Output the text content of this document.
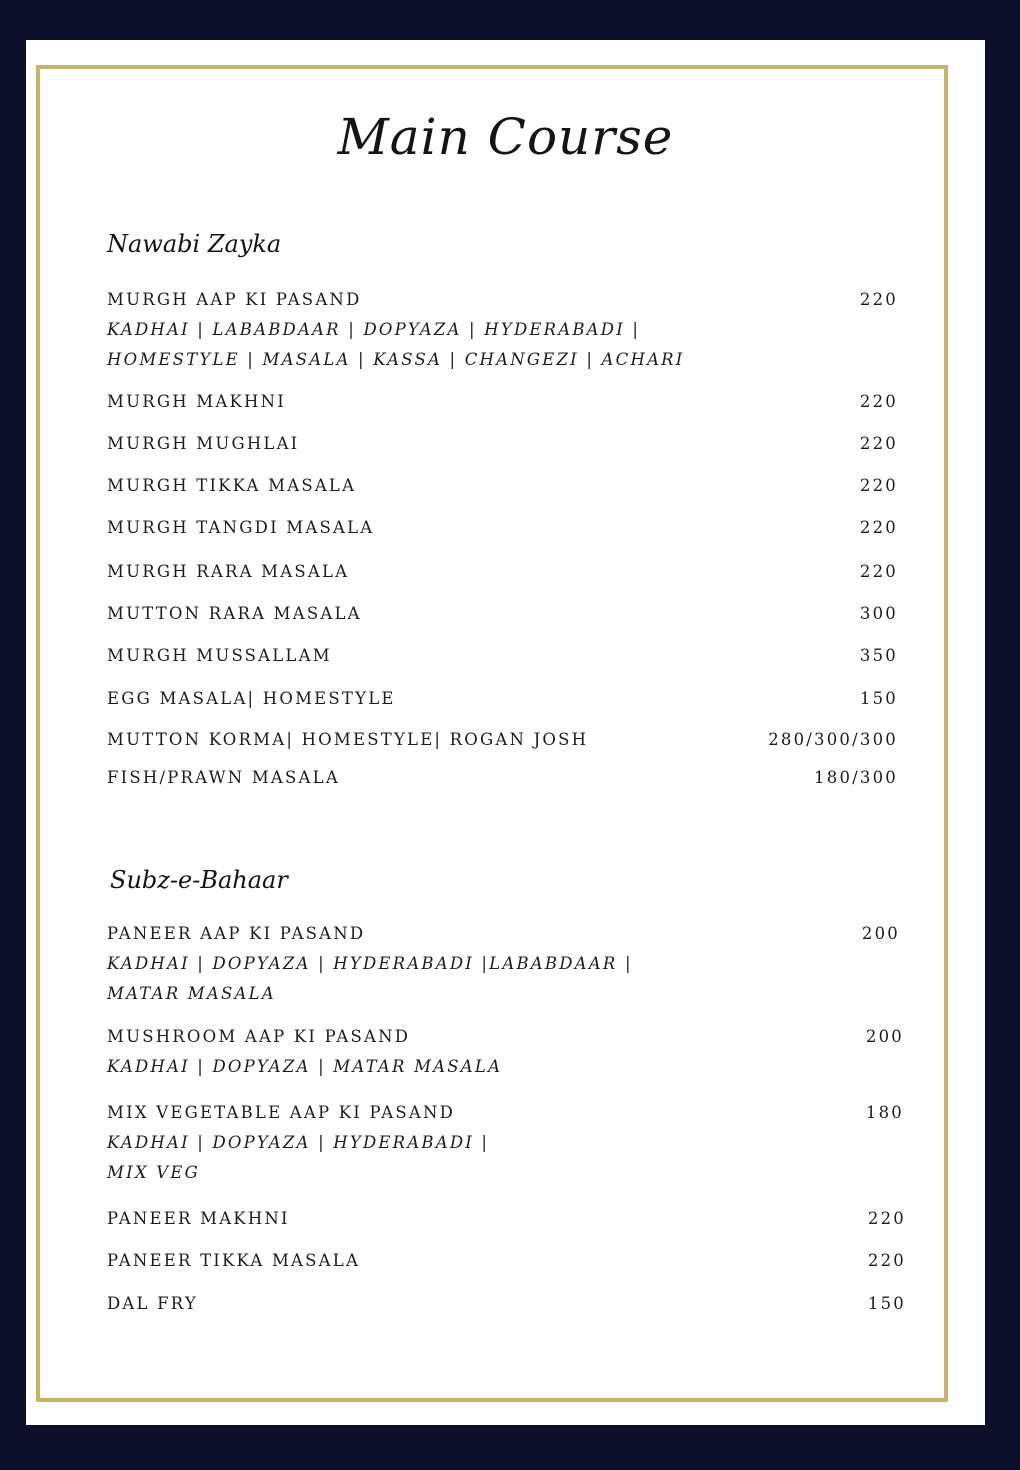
Main Course
MURGH AAP KI PASAND	220
KADHAI | LABABDAAR | DOPYAZA | HYDERABADI |
HOMESTYLE | MASALA | KASSA | CHANGEZI | ACHARI
MURGH MAKHNI	220
MURGH MUGHLAI	220
MURGH TIKKA MASALA	220
MURGH TANGDI MASALA	220
MURGH RARA MASALA	220
MUTTON RARA MASALA	300
MURGH MUSSALLAM	350
EGG MASALA| HOMESTYLE	150
MUTTON KORMA| HOMESTYLE| ROGAN JOSH	280/300/300
FISH/PRAWN MASALA	180/300
PANEER AAP KI PASAND	200
KADHAI | DOPYAZA | HYDERABADI |LABABDAAR |
MATAR MASALA
MUSHROOM AAP KI PASAND	200
KADHAI | DOPYAZA | MATAR MASALA
MIX VEGETABLE AAP KI PASAND	180
KADHAI | DOPYAZA | HYDERABADI |
MIX VEG
PANEER MAKHNI	220
PANEER TIKKA MASALA	220
DAL FRY	150
Nawabi Zayka
Subz-e-Bahaar
